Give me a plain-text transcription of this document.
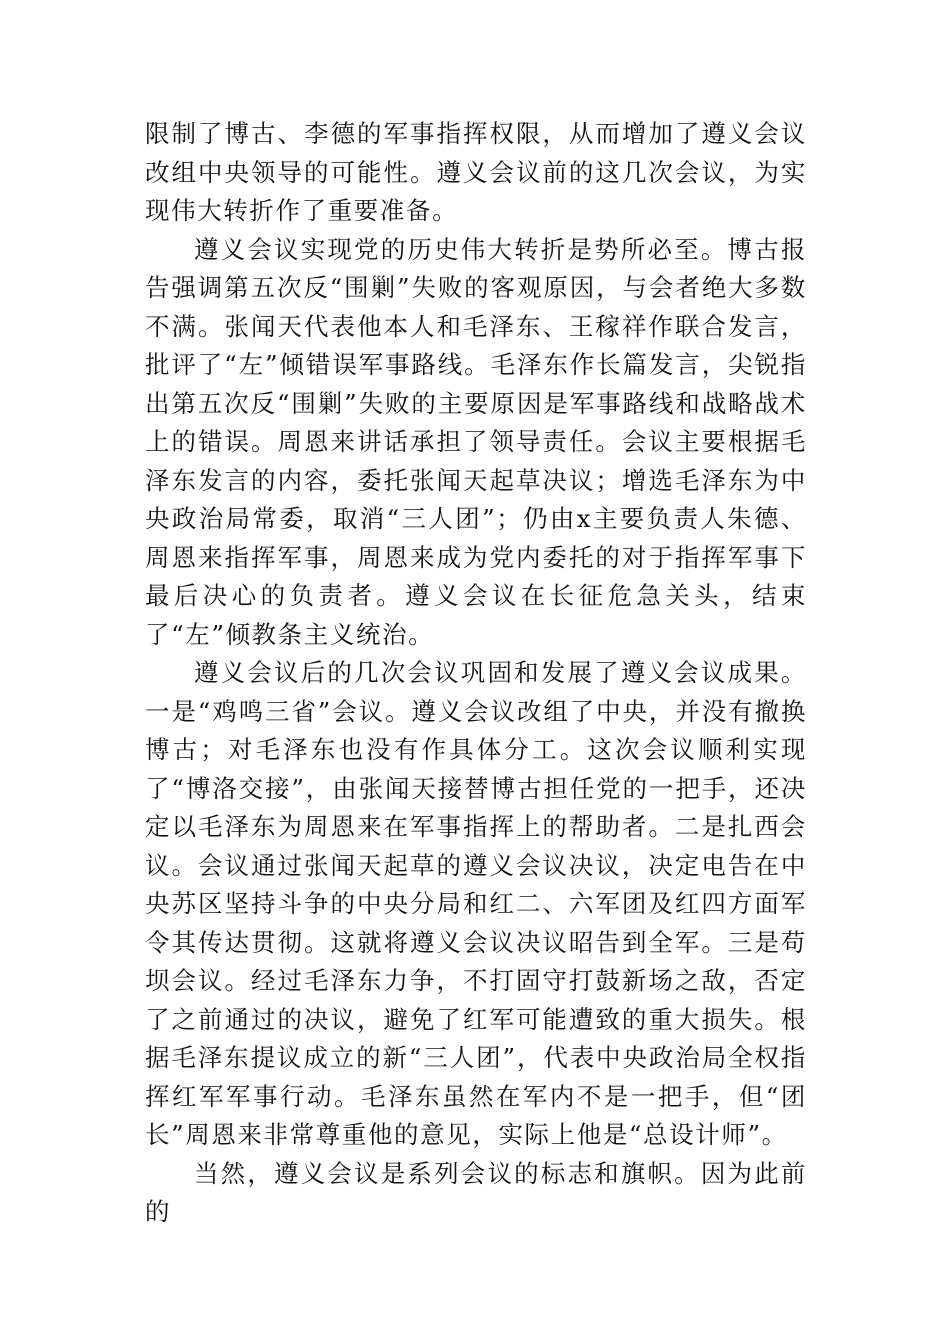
限制了博古、李德的军事指挥权限，从而增加了遵义会议改组中央领导的可能性。遵义会议前的这几次会议，为实现伟大转折作了重要准备。

遵义会议实现党的历史伟大转折是势所必至。博古报告强调第五次反“围剿”失败的客观原因，与会者绝大多数不满。张闻天代表他本人和毛泽东、王稼祥作联合发言，批评了“左”倾错误军事路线。毛泽东作长篇发言，尖锐指出第五次反“围剿”失败的主要原因是军事路线和战略战术上的错误。周恩来讲话承担了领导责任。会议主要根据毛泽东发言的内容，委托张闻天起草决议；增选毛泽东为中央政治局常委，取消“三人团”；仍由x主要负责人朱德、周恩来指挥军事，周恩来成为党内委托的对于指挥军事下最后决心的负责者。遵义会议在长征危急关头，结束了“左”倾教条主义统治。

遵义会议后的几次会议巩固和发展了遵义会议成果。一是“鸡鸣三省”会议。遵义会议改组了中央，并没有撤换博古；对毛泽东也没有作具体分工。这次会议顺利实现了“博洛交接”，由张闻天接替博古担任党的一把手，还决定以毛泽东为周恩来在军事指挥上的帮助者。二是扎西会议。会议通过张闻天起草的遵义会议决议，决定电告在中央苏区坚持斗争的中央分局和红二、六军团及红四方面军令其传达贯彻。这就将遵义会议决议昭告到全军。三是苟坝会议。经过毛泽东力争，不打固守打鼓新场之敌，否定了之前通过的决议，避免了红军可能遭致的重大损失。根据毛泽东提议成立的新“三人团”，代表中央政治局全权指挥红军军事行动。毛泽东虽然在军内不是一把手，但“团长”周恩来非常尊重他的意见，实际上他是“总设计师”。

当然，遵义会议是系列会议的标志和旗帜。因为此前的
